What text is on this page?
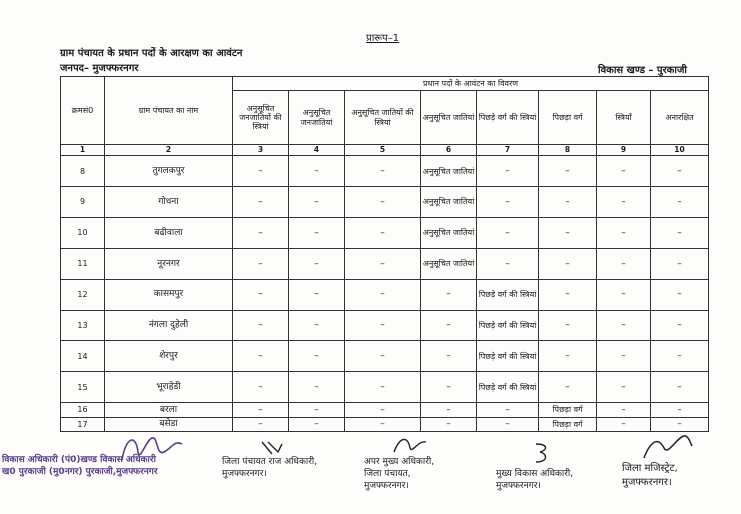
प्रारूप–1
ग्राम पंचायत के प्रधान पदों के आरक्षण का आवंटन
जनपद– मुजफ्फरनगर	विकास खण्ड – पुरकाजी
क्रमसं0	ग्राम पंचायत का नाम	प्रधान पदों के आवंटन का विवरण							
		अनुसूचित जनजातियों की स्त्रियां	अनुसूचित जनजातियां	अनुसूचित जातियों की स्त्रियां	अनुसूचित जातियां	पिछड़े वर्ग की स्त्रियां	पिछड़ा वर्ग	स्त्रियाँ	अनारक्षित
1	2	3	4	5	6	7	8	9	10
8	तुगलकपुर	–	–	–	अनुसूचित जातियां	–	–	–	–
9	गोधना	–	–	–	अनुसूचित जातियां	–	–	–	–
10	बढीवाला	–	–	–	अनुसूचित जातियां	–	–	–	–
11	नूरनगर	–	–	–	अनुसूचित जातियां	–	–	–	–
12	कासमपुर	–	–	–	–	पिछड़े वर्ग की स्त्रियां	–	–	–
13	नंगला दुहेली	–	–	–	–	पिछड़े वर्ग की स्त्रियां	–	–	–
14	शेरपुर	–	–	–	–	पिछड़े वर्ग की स्त्रियां	–	–	–
15	भूराहेडी	–	–	–	–	पिछड़े वर्ग की स्त्रियां	–	–	–
16	बरला	–	–	–	–	–	पिछड़ा वर्ग	–	–
17	बसेडा	–	–	–	–	–	पिछड़ा वर्ग	–	–
विकास अधिकारी (पं0)खण्ड विकास अधिकारी
ख0 पुरकाजी (मु0नगर) पुरकाजी,मुजफ्फरनगर
जिला पंचायत राज अधिकारी,
मुजफ्फरनगर।
अपर मुख्य अधिकारी,
जिला पंचायत,
मुजफ्फरनगर।
मुख्य विकास अधिकारी,
मुजफ्फरनगर।
जिला मजिस्ट्रेट,
मुजफ्फरनगर।
